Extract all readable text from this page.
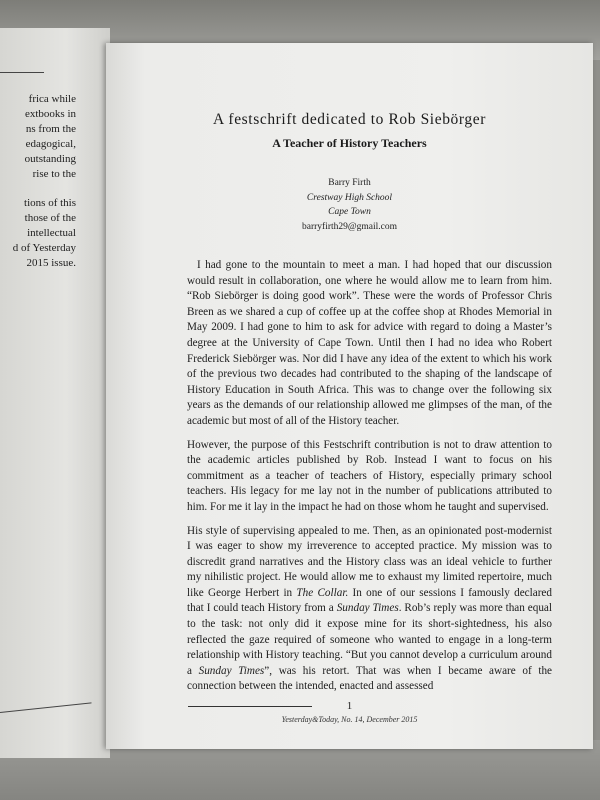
frica while
extbooks in
ns from the
edagogical,
outstanding
rise to the
tions of this
those of the
intellectual
d of Yesterday
2015 issue.
A festschrift dedicated to Rob Siebörger
A Teacher of History Teachers
Barry Firth
Crestway High School
Cape Town
barryfirth29@gmail.com

I had gone to the mountain to meet a man. I had hoped that our discussion would result in collaboration, one where he would allow me to learn from him. “Rob Siebörger is doing good work”. These were the words of Professor Chris Breen as we shared a cup of coffee up at the coffee shop at Rhodes Memorial in May 2009. I had gone to him to ask for advice with regard to doing a Master’s degree at the University of Cape Town. Until then I had no idea who Robert Frederick Siebörger was. Nor did I have any idea of the extent to which his work of the previous two decades had contributed to the shaping of the landscape of History Education in South Africa. This was to change over the following six years as the demands of our relationship allowed me glimpses of the man, of the academic but most of all of the History teacher.

However, the purpose of this Festschrift contribution is not to draw attention to the academic articles published by Rob. Instead I want to focus on his commitment as a teacher of teachers of History, especially primary school teachers. His legacy for me lay not in the number of publications attributed to him. For me it lay in the impact he had on those whom he taught and supervised.

His style of supervising appealed to me. Then, as an opinionated post-modernist I was eager to show my irreverence to accepted practice. My mission was to discredit grand narratives and the History class was an ideal vehicle to further my nihilistic project. He would allow me to exhaust my limited repertoire, much like George Herbert in The Collar. In one of our sessions I famously declared that I could teach History from a Sunday Times. Rob’s reply was more than equal to the task: not only did it expose mine for its short-sightedness, his also reflected the gaze required of someone who wanted to engage in a long-term relationship with History teaching. “But you cannot develop a curriculum around a Sunday Times”, was his retort. That was when I became aware of the connection between the intended, enacted and assessed

1
Yesterday&Today, No. 14, December 2015
